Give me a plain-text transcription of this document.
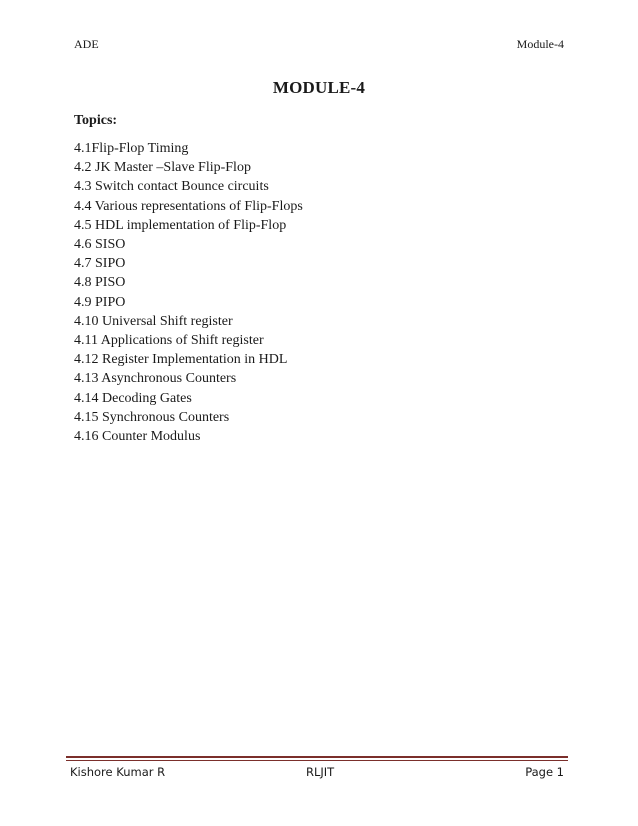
ADE	Module-4
MODULE-4
Topics:
4.1Flip-Flop Timing
4.2 JK Master –Slave Flip-Flop
4.3 Switch contact Bounce circuits
4.4 Various representations of Flip-Flops
4.5 HDL implementation of Flip-Flop
4.6 SISO
4.7 SIPO
4.8 PISO
4.9 PIPO
4.10 Universal Shift register
4.11 Applications of Shift register
4.12 Register Implementation in HDL
4.13 Asynchronous Counters
4.14 Decoding Gates
4.15 Synchronous Counters
4.16 Counter Modulus
Kishore Kumar R	RLJIT	Page 1
